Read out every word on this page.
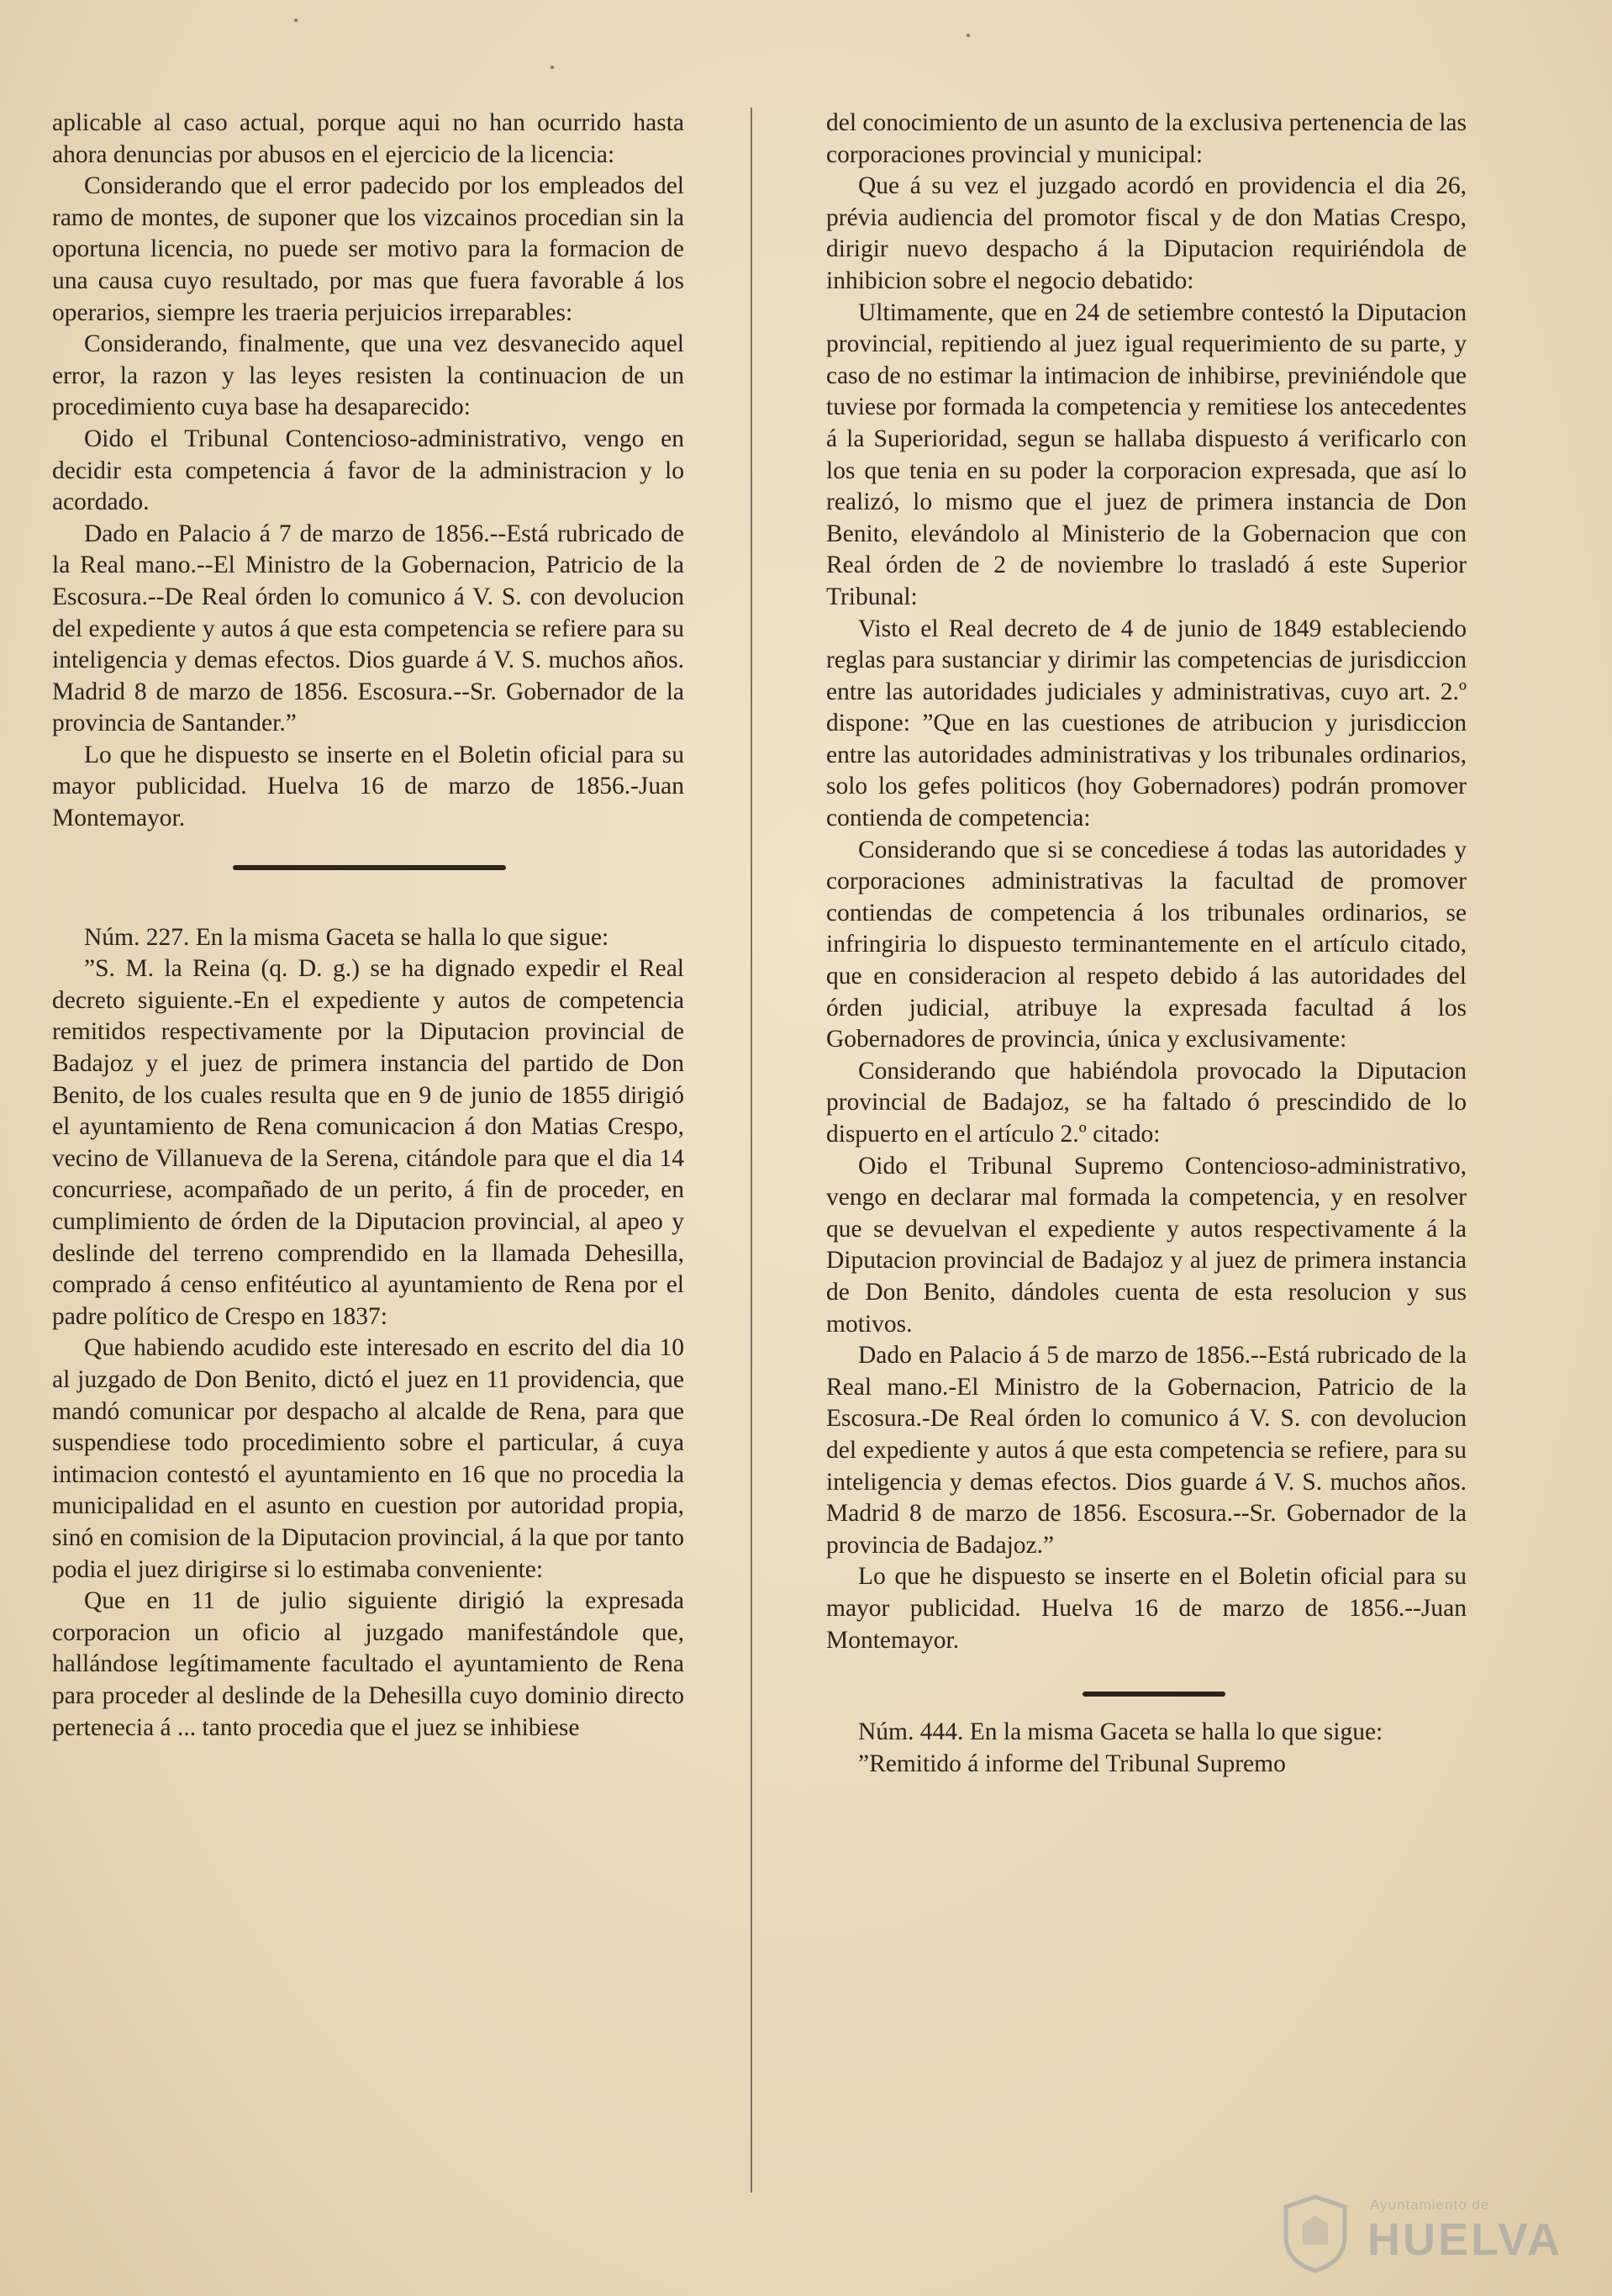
aplicable al caso actual, porque aqui no han ocurrido hasta ahora denuncias por abusos en el ejercicio de la licencia:

Considerando que el error padecido por los empleados del ramo de montes, de suponer que los vizcainos procedian sin la oportuna licencia, no puede ser motivo para la formacion de una causa cuyo resultado, por mas que fuera favorable á los operarios, siempre les traeria perjuicios irreparables:

Considerando, finalmente, que una vez desvanecido aquel error, la razon y las leyes resisten la continuacion de un procedimiento cuya base ha desaparecido:

Oido el Tribunal Contencioso-administrativo, vengo en decidir esta competencia á favor de la administracion y lo acordado.

Dado en Palacio á 7 de marzo de 1856.--Está rubricado de la Real mano.--El Ministro de la Gobernacion, Patricio de la Escosura.--De Real órden lo comunico á V. S. con devolucion del expediente y autos á que esta competencia se refiere para su inteligencia y demas efectos. Dios guarde á V. S. muchos años. Madrid 8 de marzo de 1856. Escosura.--Sr. Gobernador de la provincia de Santander.”

Lo que he dispuesto se inserte en el Boletin oficial para su mayor publicidad. Huelva 16 de marzo de 1856.-Juan Montemayor.

Núm. 227. En la misma Gaceta se halla lo que sigue:

”S. M. la Reina (q. D. g.) se ha dignado expedir el Real decreto siguiente.-En el expediente y autos de competencia remitidos respectivamente por la Diputacion provincial de Badajoz y el juez de primera instancia del partido de Don Benito, de los cuales resulta que en 9 de junio de 1855 dirigió el ayuntamiento de Rena comunicacion á don Matias Crespo, vecino de Villanueva de la Serena, citándole para que el dia 14 concurriese, acompañado de un perito, á fin de proceder, en cumplimiento de órden de la Diputacion provincial, al apeo y deslinde del terreno comprendido en la llamada Dehesilla, comprado á censo enfitéutico al ayuntamiento de Rena por el padre político de Crespo en 1837:

Que habiendo acudido este interesado en escrito del dia 10 al juzgado de Don Benito, dictó el juez en 11 providencia, que mandó comunicar por despacho al alcalde de Rena, para que suspendiese todo procedimiento sobre el particular, á cuya intimacion contestó el ayuntamiento en 16 que no procedia la municipalidad en el asunto en cuestion por autoridad propia, sinó en comision de la Diputacion provincial, á la que por tanto podia el juez dirigirse si lo estimaba conveniente:

Que en 11 de julio siguiente dirigió la expresada corporacion un oficio al juzgado manifestándole que, hallándose legítimamente facultado el ayuntamiento de Rena para proceder al deslinde de la Dehesilla cuyo dominio directo pertenecia á ... tanto procedia que el juez se inhibiese

del conocimiento de un asunto de la exclusiva pertenencia de las corporaciones provincial y municipal:

Que á su vez el juzgado acordó en providencia el dia 26, prévia audiencia del promotor fiscal y de don Matias Crespo, dirigir nuevo despacho á la Diputacion requiriéndola de inhibicion sobre el negocio debatido:

Ultimamente, que en 24 de setiembre contestó la Diputacion provincial, repitiendo al juez igual requerimiento de su parte, y caso de no estimar la intimacion de inhibirse, previniéndole que tuviese por formada la competencia y remitiese los antecedentes á la Superioridad, segun se hallaba dispuesto á verificarlo con los que tenia en su poder la corporacion expresada, que así lo realizó, lo mismo que el juez de primera instancia de Don Benito, elevándolo al Ministerio de la Gobernacion que con Real órden de 2 de noviembre lo trasladó á este Superior Tribunal:

Visto el Real decreto de 4 de junio de 1849 estableciendo reglas para sustanciar y dirimir las competencias de jurisdiccion entre las autoridades judiciales y administrativas, cuyo art. 2.º dispone: ”Que en las cuestiones de atribucion y jurisdiccion entre las autoridades administrativas y los tribunales ordinarios, solo los gefes politicos (hoy Gobernadores) podrán promover contienda de competencia:

Considerando que si se concediese á todas las autoridades y corporaciones administrativas la facultad de promover contiendas de competencia á los tribunales ordinarios, se infringiria lo dispuesto terminantemente en el artículo citado, que en consideracion al respeto debido á las autoridades del órden judicial, atribuye la expresada facultad á los Gobernadores de provincia, única y exclusivamente:

Considerando que habiéndola provocado la Diputacion provincial de Badajoz, se ha faltado ó prescindido de lo dispuerto en el artículo 2.º citado:

Oido el Tribunal Supremo Contencioso-administrativo, vengo en declarar mal formada la competencia, y en resolver que se devuelvan el expediente y autos respectivamente á la Diputacion provincial de Badajoz y al juez de primera instancia de Don Benito, dándoles cuenta de esta resolucion y sus motivos.

Dado en Palacio á 5 de marzo de 1856.--Está rubricado de la Real mano.-El Ministro de la Gobernacion, Patricio de la Escosura.-De Real órden lo comunico á V. S. con devolucion del expediente y autos á que esta competencia se refiere, para su inteligencia y demas efectos. Dios guarde á V. S. muchos años. Madrid 8 de marzo de 1856. Escosura.--Sr. Gobernador de la provincia de Badajoz.”

Lo que he dispuesto se inserte en el Boletin oficial para su mayor publicidad. Huelva 16 de marzo de 1856.--Juan Montemayor.

Núm. 444. En la misma Gaceta se halla lo que sigue:

”Remitido á informe del Tribunal Supremo

Ayuntamiento de
HUELVA
